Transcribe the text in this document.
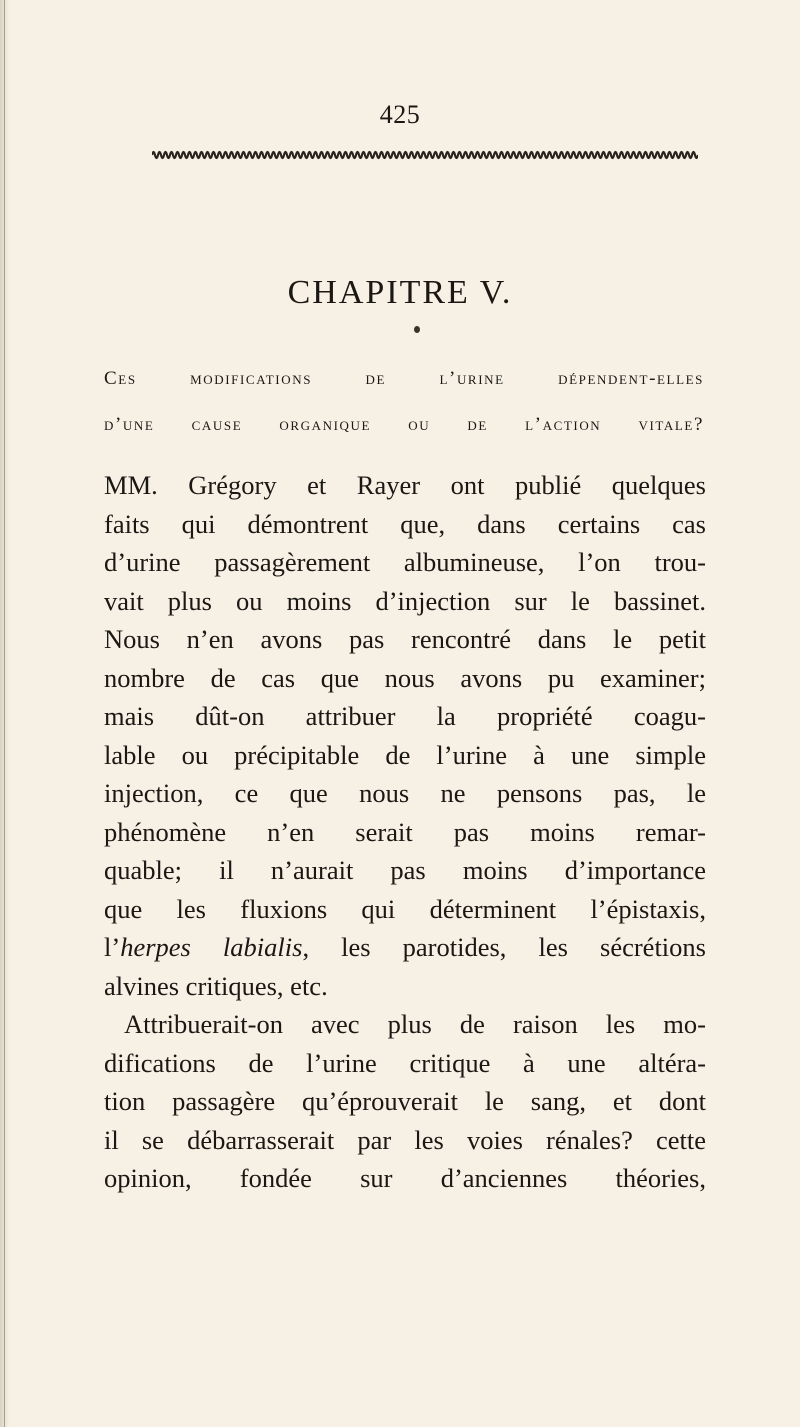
425
CHAPITRE V.
Ces modifications de l’urine dépendent-elles
d’une cause organique ou de l’action vitale?
MM. Grégory et Rayer ont publié quelques
faits qui démontrent que, dans certains cas
d’urine passagèrement albumineuse, l’on trou-
vait plus ou moins d’injection sur le bassinet.
Nous n’en avons pas rencontré dans le petit
nombre de cas que nous avons pu examiner;
mais dût-on attribuer la propriété coagu-
lable ou précipitable de l’urine à une simple
injection, ce que nous ne pensons pas, le
phénomène n’en serait pas moins remar-
quable; il n’aurait pas moins d’importance
que les fluxions qui déterminent l’épistaxis,
l’herpes labialis, les parotides, les sécrétions
alvines critiques, etc.
Attribuerait-on avec plus de raison les mo-
difications de l’urine critique à une altéra-
tion passagère qu’éprouverait le sang, et dont
il se débarrasserait par les voies rénales? cette
opinion, fondée sur d’anciennes théories,
